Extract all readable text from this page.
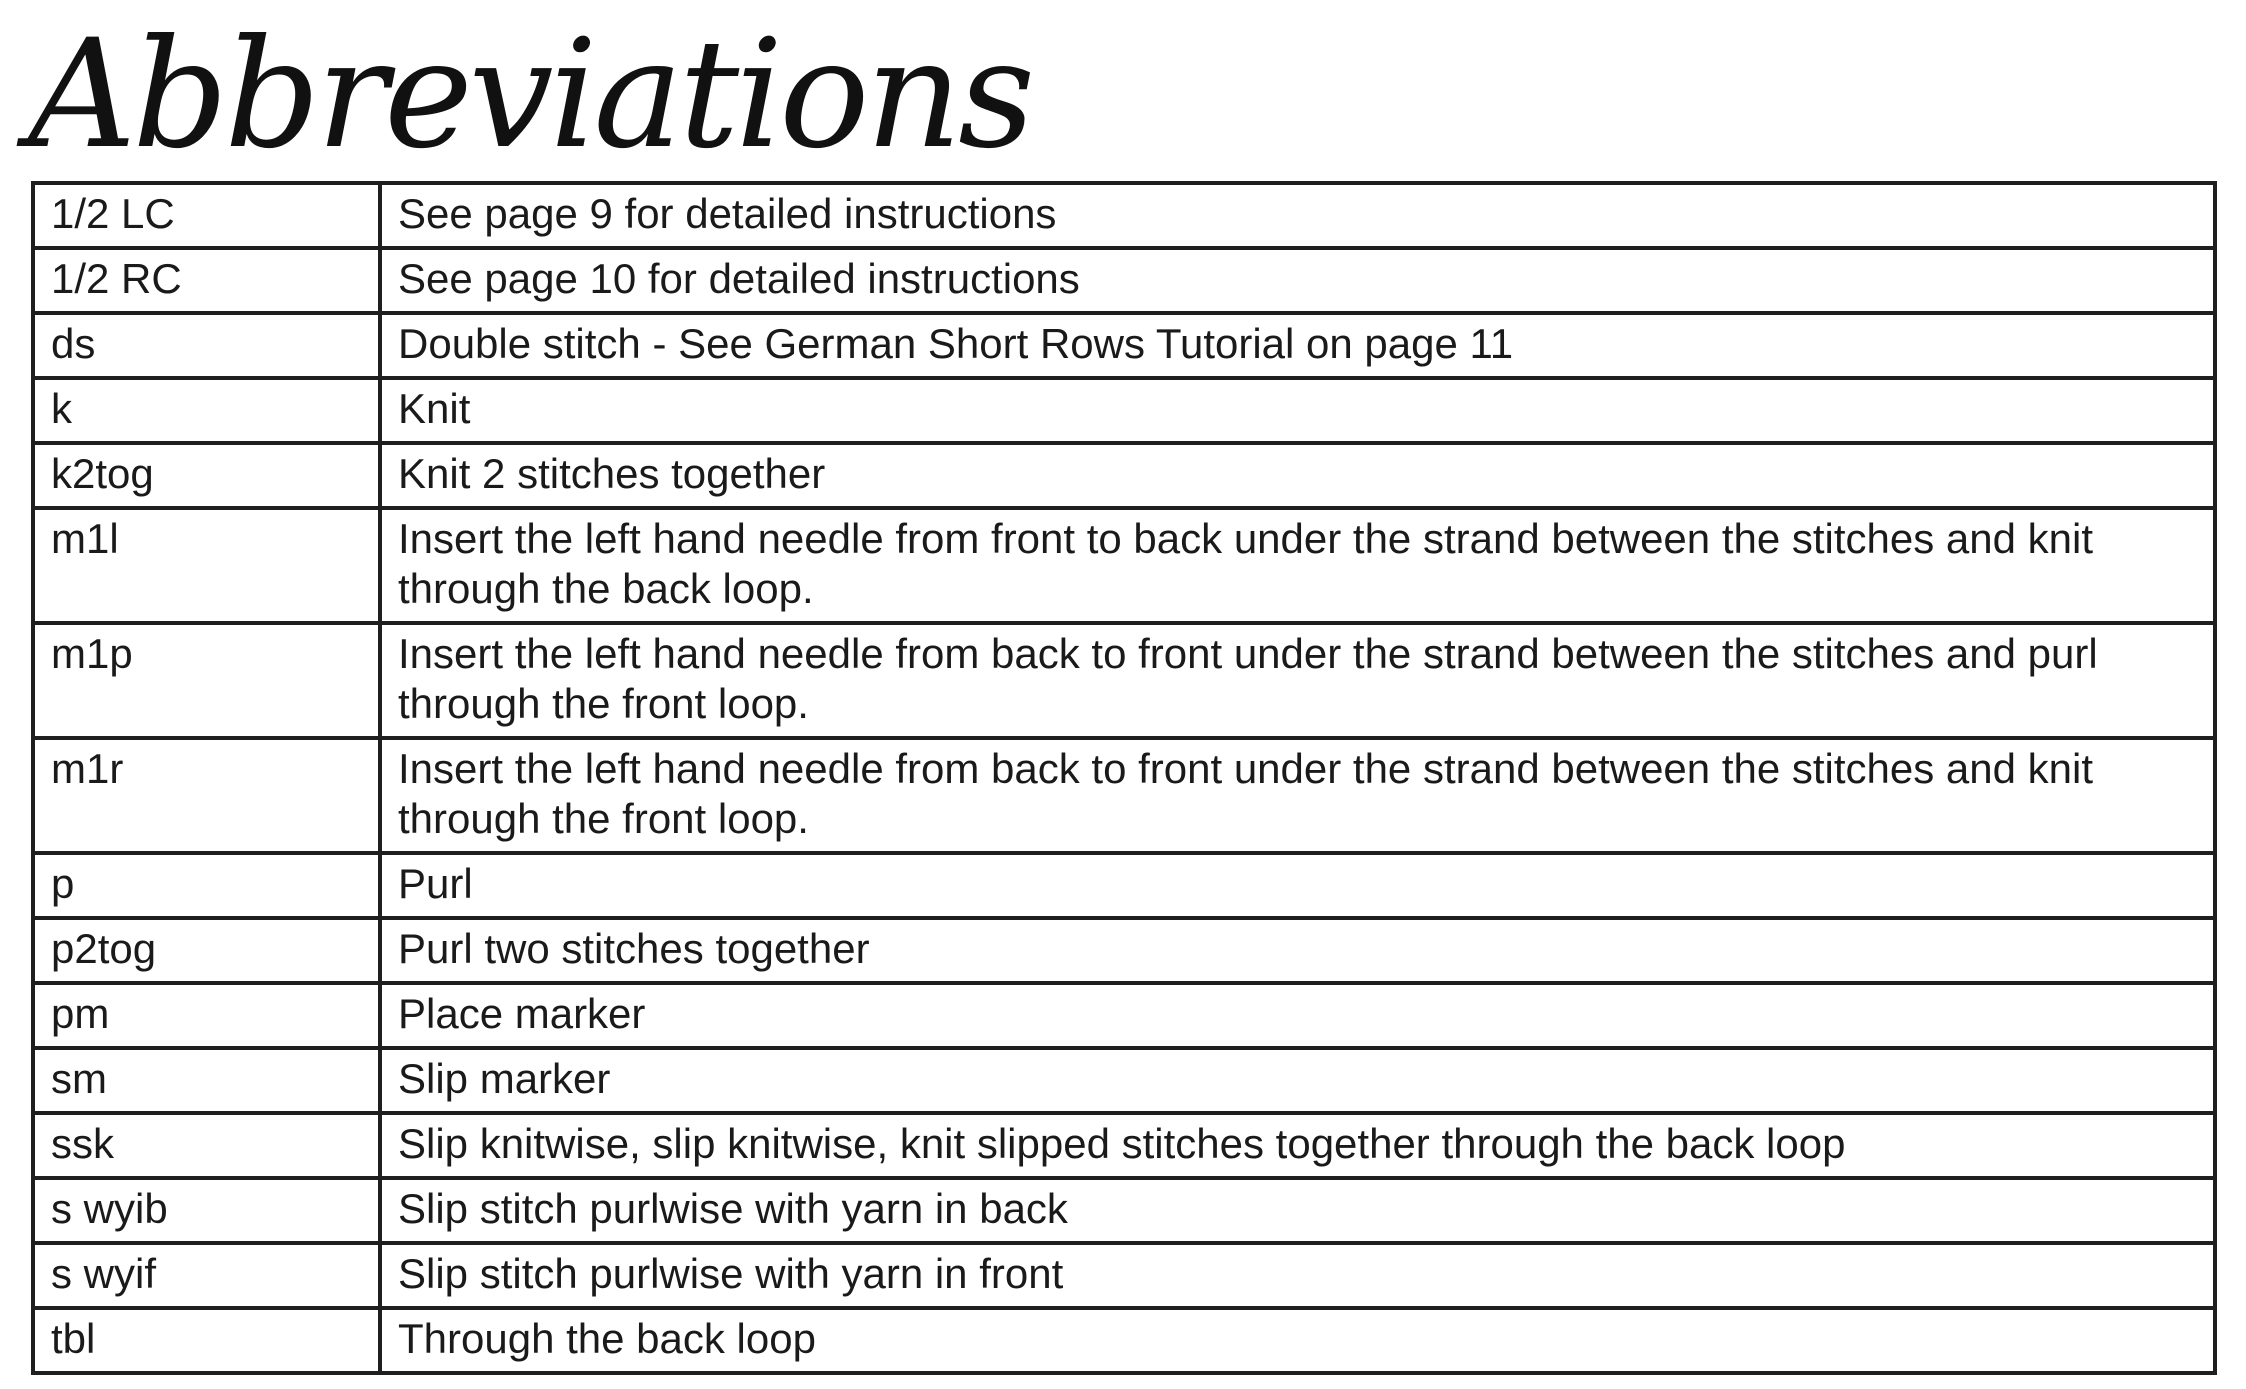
Abbreviations
1/2 LC	See page 9 for detailed instructions
1/2 RC	See page 10 for detailed instructions
ds	Double stitch - See German Short Rows Tutorial on page 11
k	Knit
k2tog	Knit 2 stitches together
m1l	Insert the left hand needle from front to back under the strand between the stitches and knit through the back loop.
m1p	Insert the left hand needle from back to front under the strand between the stitches and purl through the front loop.
m1r	Insert the left hand needle from back to front under the strand between the stitches and knit through the front loop.
p	Purl
p2tog	Purl two stitches together
pm	Place marker
sm	Slip marker
ssk	Slip knitwise, slip knitwise, knit slipped stitches together through the back loop
s wyib	Slip stitch purlwise with yarn in back
s wyif	Slip stitch purlwise with yarn in front
tbl	Through the back loop
